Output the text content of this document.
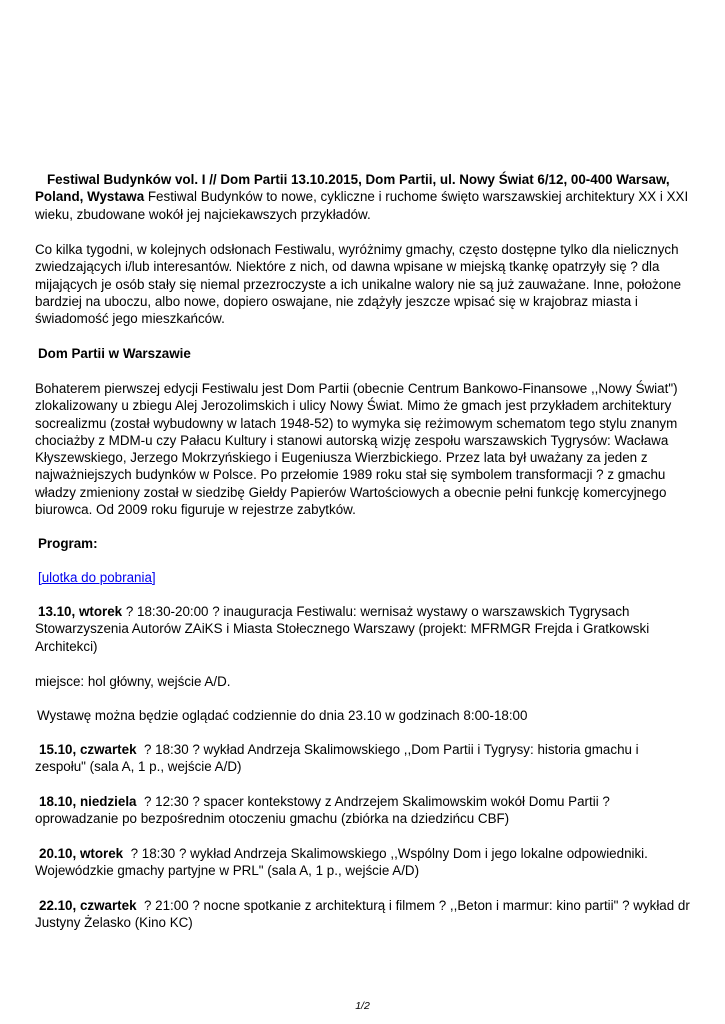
Festiwal Budynków vol. I // Dom Partii 13.10.2015, Dom Partii, ul. Nowy Świat 6/12, 00-400 Warsaw, Poland, Wystawa Festiwal Budynków to nowe, cykliczne i ruchome święto warszawskiej architektury XX i XXI wieku, zbudowane wokół jej najciekawszych przykładów.

Co kilka tygodni, w kolejnych odsłonach Festiwalu, wyróżnimy gmachy, często dostępne tylko dla nielicznych zwiedzających i/lub interesantów. Niektóre z nich, od dawna wpisane w miejską tkankę opatrzyły się ? dla mijających je osób stały się niemal przezroczyste a ich unikalne walory nie są już zauważane. Inne, położone bardziej na uboczu, albo nowe, dopiero oswajane, nie zdążyły jeszcze wpisać się w krajobraz miasta i świadomość jego mieszkańców.

Dom Partii w Warszawie

Bohaterem pierwszej edycji Festiwalu jest Dom Partii (obecnie Centrum Bankowo-Finansowe ,,Nowy Świat") zlokalizowany u zbiegu Alej Jerozolimskich i ulicy Nowy Świat. Mimo że gmach jest przykładem architektury socrealizmu (został wybudowny w latach 1948-52) to wymyka się reżimowym schematom tego stylu znanym chociażby z MDM-u czy Pałacu Kultury i stanowi autorską wizję zespołu warszawskich Tygrysów: Wacława Kłyszewskiego, Jerzego Mokrzyńskiego i Eugeniusza Wierzbickiego. Przez lata był uważany za jeden z najważniejszych budynków w Polsce. Po przełomie 1989 roku stał się symbolem transformacji ? z gmachu władzy zmieniony został w siedzibę Giełdy Papierów Wartościowych a obecnie pełni funkcję komercyjnego biurowca. Od 2009 roku figuruje w rejestrze zabytków.

Program:

[ulotka do pobrania]

13.10, wtorek ? 18:30-20:00 ? inauguracja Festiwalu: wernisaż wystawy o warszawskich Tygrysach Stowarzyszenia Autorów ZAiKS i Miasta Stołecznego Warszawy (projekt: MFRMGR Frejda i Gratkowski Architekci)

miejsce: hol główny, wejście A/D.

Wystawę można będzie oglądać codziennie do dnia 23.10 w godzinach 8:00-18:00

15.10, czwartek ? 18:30 ? wykład Andrzeja Skalimowskiego ,,Dom Partii i Tygrysy: historia gmachu i zespołu" (sala A, 1 p., wejście A/D)

18.10, niedziela ? 12:30 ? spacer kontekstowy z Andrzejem Skalimowskim wokół Domu Partii ? oprowadzanie po bezpośrednim otoczeniu gmachu (zbiórka na dziedzińcu CBF)

20.10, wtorek ? 18:30 ? wykład Andrzeja Skalimowskiego ,,Wspólny Dom i jego lokalne odpowiedniki. Wojewódzkie gmachy partyjne w PRL" (sala A, 1 p., wejście A/D)

22.10, czwartek ? 21:00 ? nocne spotkanie z architekturą i filmem ? ,,Beton i marmur: kino partii" ? wykład dr Justyny Żelasko (Kino KC)

1/2
